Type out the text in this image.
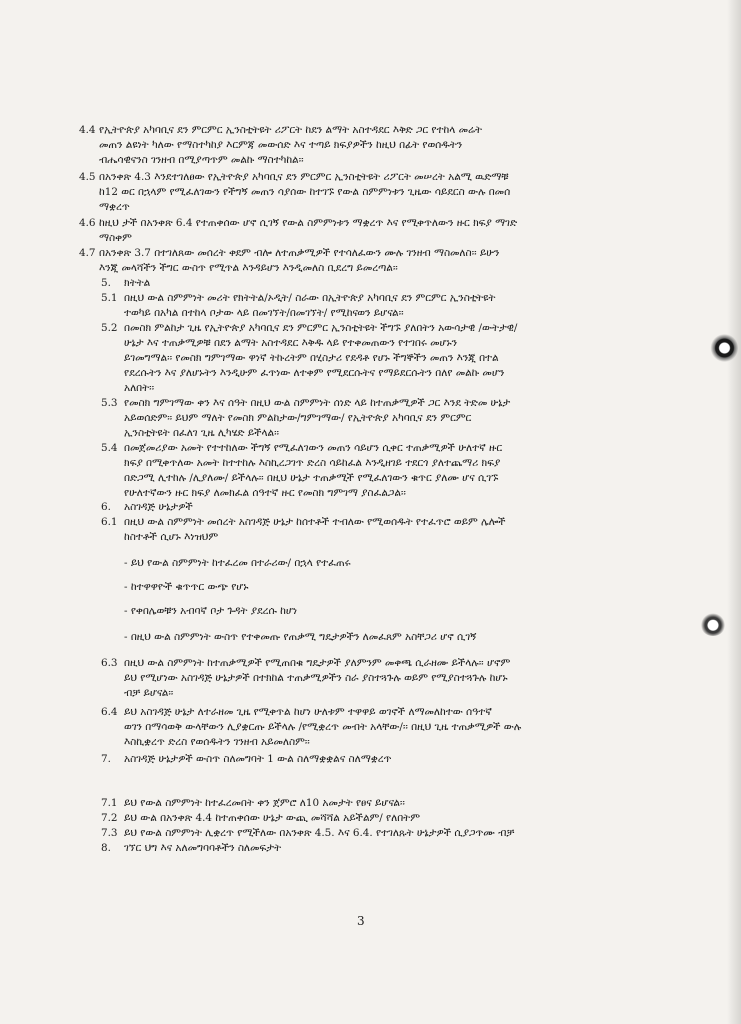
4.4
4.5
4.6
4.7
5.
5.1
5.2
5.3
5.4
6.
6.1
6.3
6.4
7.
7.1
7.2
7.3
8.
የኢትዮጵያ አካባቢና ደን ምርምር ኢንስቲትዩት ሪፖርት ከደን ልማት አስተዳደር እቅድ ጋር የተከላ መሬት
መጠን ልዩነት ካለው የማስተካከያ እርምጃ መውሰድ እና ተጣይ ክፍያዎችን ከዚህ በፊት የወሰዱትን
ብሔሳዊናንስ ገንዘብ በሚያጣጥም መልኩ ማስተካከል፡፡
በአንቀጽ 4.3 እንደተገለፀው የኢትዮጵያ አካባቢና ደን ምርምር ኢንስቲትዩት ሪፖርት መሠረት አልሚ ዉድማቹ
ከ12 ወር በኋላም የሚፈለገውን የችግኝ መጠን ሳያሰው ከተገኙ የውል ስምምነቱን ጊዜው ሳይደርስ ውሉ በመሰ
ማቋረጥ
ከዚህ ታች በአንቀጽ 6.4 የተጠቀሰው ሆኖ ሲገኝ የውል ስምምነቱን ማቋረጥ እና የሚቀጥለውን ዙር ክፍያ ማገድ
ማስቀም
በአንቀጽ 3.7 በተገለጸው መሰረት ቀደም ብሎ ለተጠቃሚዎች የተሳለፈውን ሙሉ ገንዘብ ማስመለስ፡፡ ይሁን
እንጂ መላሻችን ችግር ውስጥ የሚጥል እንዳይሆን እንዲመለስ ቢደረግ ይመረጣል፡፡
ክትትል
በዚህ ውል ስምምነት መሪት የክትትል/ኦዲት/ ስራው በኢትዮጵያ አካባቢና ደን ምርምር ኢንስቲትዩት
ተወካይ በአካል በተከላ ቦታው ላይ በመገኘት/በመገኘት/ የሚከናወን ይሆናል፡፡
በመስክ ምልከታ ጊዜ የኢትዮጵያ አካባቢና ደን ምርምር ኢንስቲትዩት ችግኙ ያለበትን አውሳታዊ /ውትታዊ/
ሁኔታ እና ተጠቃሚዎቹ በደን ልማት አስተዳደር እቅዱ ላይ የተቀመጠውን የተገበሩ መሆኑን
ይገመግማል፡፡ የመስክ ግምገማው ዋነኛ ትኩረትም በሂስታሪ የደዳቶ የሆኑ ችግኞችን መጠን እንጂ በተል
የደረሱትን እና ያለሆኑትን እንዲሁም ፈጥነው ለተቀም የሚደርሱትና የማይደርሱትን በለየ መልኩ መሆን
አለበት፡፡
የመስክ ግምገማው ቀን እና ሰዓት በዚህ ውል ስምምነት ሰነድ ላይ ከተጠቃሚዎች ጋር እንደ ትድመ ሁኔታ
አይወሰድም፡፡ ይህም ማለት የመስክ ምልከታው/ግምገማው/ የኢትዮጵያ አካባቢና ደን ምርምር
ኢንስቲትዩት በፈለገ ጊዜ ሊካሄድ ይችላል፡፡
በመጀመሪያው አመት የተተከለው ችግኝ የሚፈለገውን መጠን ሳይሆን ሲቀር ተጠቃሚዎች ሁለተኛ ዙር
ክፍያ በሚቀጥለው አመት ከተተከሉ እስኪረጋገጥ ድረስ ሳይከፈል እንዲዘገይ ተደርጎ ያለተጨማሪ ክፍያ
በድጋሚ ሊተከሉ /ሊያለሙ/ ይችላሉ፡፡ በዚህ ሁኔታ ተጠቃሚች የሚፈለገውን ቁጥር ያለሙ ሆና ሲገኙ
የሁለተኛውን ዙር ክፍያ ለመክፈል ሰዓተኛ ዙር የመስክ ግምገማ ያስፈልጋል፡፡
አስገዳጅ ሁኔታዎች
በዚህ ውል ስምምነት መሰረት አስገዳጅ ሁኔታ ከሰተቶች ተብለው የሚወሰዱት የተፈጥሮ ወይም ሌሎች
ከስተቶች ሲሆኑ እነዝህም
- ይህ የውል ስምምነት ከተፈረመ በተራሪው/ በኋላ የተፈጠሩ
- ከተዋዋዮች ቁጥጥር ውጭ የሆኑ
- የቀበሌወቹን አብባኛ ቦታ ጉዳት ያደረሱ ከሆነ
- በዚህ ውል ስምምነት ውስጥ የተቀመጡ የጠቃሚ ግዴታዎችን ለመፈጸም አስቸጋሪ ሆኖ ሲገኝ
በዚህ ውል ስምምነት ከተጠቃሚዎች የሚጠበቁ ግዴታዎች ያለምንም መቀጫ ሲራዘሙ ይችላሉ፡፡ ሆኖም
ይህ የሚሆነው አስገዳጅ ሁኔታዎች በተክከል ተጠቃሚዎችን ስራ ያስተጓጉሉ ወይም የሚያስተጓጉሉ ከሆኑ
ብቻ ይሆናል፡፡
ይህ አስገዳጅ ሁኔታ ለተራዘመ ጊዜ የሚቀጥል ከሆነ ሁለቱም ተዋዋይ ወገኖች ለማመለከተው ሰዓተኛ
ወገን በማሳወቅ ውላቸውን ሊያቋርጡ ይችላሉ /የሚቋረጥ መብት አላቸው/፡፡ በዚህ ጊዜ ተጠቃሚዎች ውሉ
እስኪቋረጥ ድረስ የወሰዱትን ገንዘብ አይመለስም፡፡
አስገዳጅ ሁኔታዎች ውስጥ ስለመግባት 1 ውል ስለማቋቋልና ስለማቋረጥ
ይህ የውል ስምምነት ከተፈረመበት ቀን ጀምሮ ለ10 አመታት የፀና ይሆናል፡፡
ይህ ውል በአንቀጽ 4.4 ከተጠቀሰው ሁኔታ ውጪ መሻሻል አይችልም/ የለበትም
ይህ የውል ስምምነት ሊቋረጥ የሚችለው በአንቀጽ 4.5. እና 6.4. የተገለጹት ሁኔታዎች ሲያጋጥሙ ብቻ
ገኘር ህግ እና አለመግባባቶችን ስለመፍታት
3
